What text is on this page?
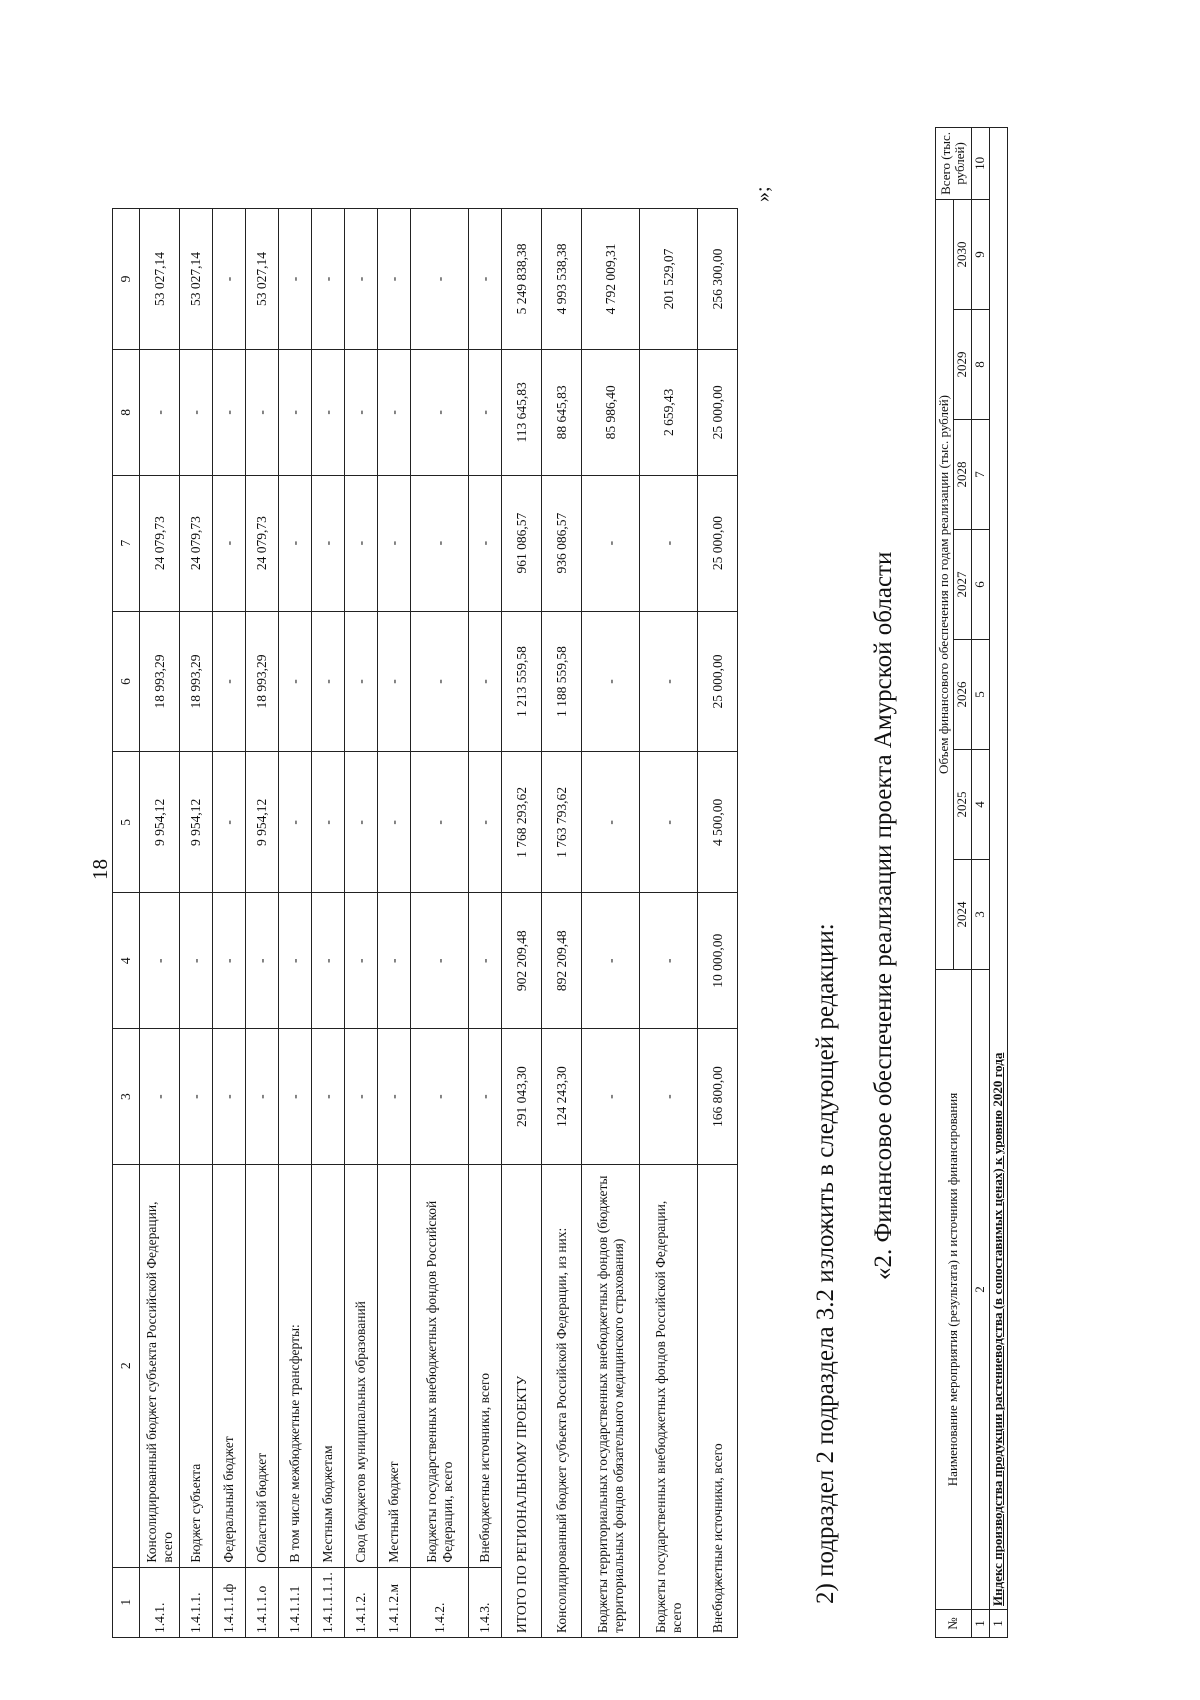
18
1	2	3	4	5	6	7	8	9
1.4.1.	Консолидированный бюджет субъекта Российской Федерации, всего	-	-	9 954,12	18 993,29	24 079,73	-	53 027,14
1.4.1.1.	Бюджет субъекта	-	-	9 954,12	18 993,29	24 079,73	-	53 027,14
1.4.1.1.ф	Федеральный бюджет	-	-	-	-	-	-	-
1.4.1.1.о	Областной бюджет	-	-	9 954,12	18 993,29	24 079,73	-	53 027,14
1.4.1.1.1	В том числе межбюджетные трансферты:	-	-	-	-	-	-	-
1.4.1.1.1.1.	Местным бюджетам	-	-	-	-	-	-	-
1.4.1.2.	Свод бюджетов муниципальных образований	-	-	-	-	-	-	-
1.4.1.2.м	Местный бюджет	-	-	-	-	-	-	-
1.4.2.	Бюджеты государственных внебюджетных фондов Российской Федерации, всего	-	-	-	-	-	-	-
1.4.3.	Внебюджетные источники, всего	-	-	-	-	-	-	-
ИТОГО ПО РЕГИОНАЛЬНОМУ ПРОЕКТУ		291 043,30	902 209,48	1 768 293,62	1 213 559,58	961 086,57	113 645,83	5 249 838,38
Консолидированный бюджет субъекта Российской Федерации, из них:		124 243,30	892 209,48	1 763 793,62	1 188 559,58	936 086,57	88 645,83	4 993 538,38
Бюджеты территориальных государственных внебюджетных фондов (бюджеты территориальных фондов обязательного медицинского страхования)		-	-	-	-	-	85 986,40	4 792 009,31
Бюджеты государственных внебюджетных фондов Российской Федерации, всего		-	-	-	-	-	2 659,43	201 529,07
Внебюджетные источники, всего		166 800,00	10 000,00	4 500,00	25 000,00	25 000,00	25 000,00	256 300,00
»;
2) подраздел 2 подраздела 3.2 изложить в следующей редакции: «2. Финансовое обеспечение реализации проекта Амурской области
№	Наименование мероприятия (результата) и источники финансирования	Объем финансового обеспечения по годам реализации (тыс. рублей)							Всего (тыс. рублей)
		2024	2025	2026	2027	2028	2029	2030	
1	2	3	4	5	6	7	8	9	10
1	Индекс производства продукции растениеводства (в сопоставимых ценах) к уровню 2020 года								
